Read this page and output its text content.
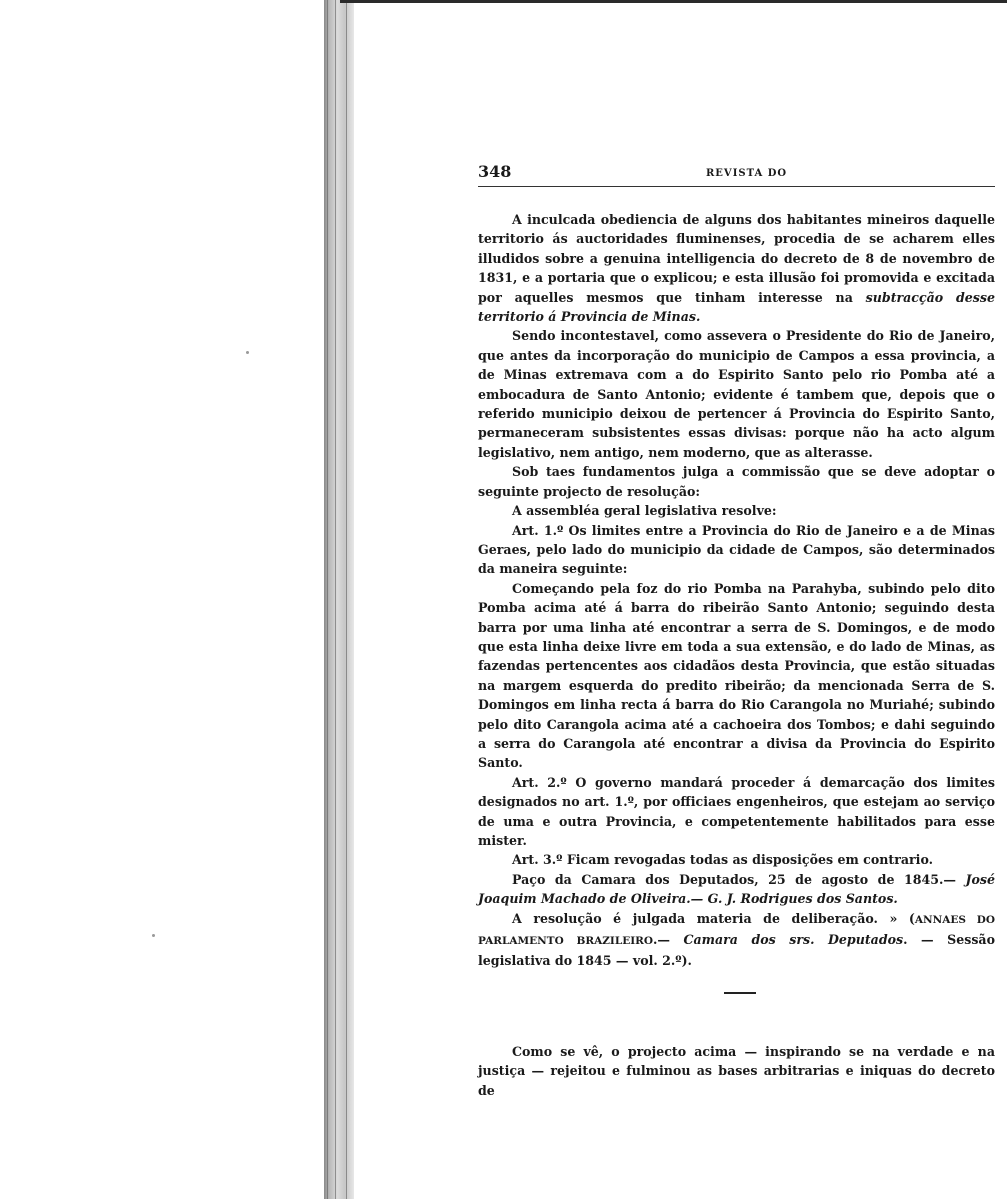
348	REVISTA DO

A inculcada obediencia de alguns dos habitantes mineiros daquelle territorio ás auctoridades fluminenses, procedia de se acharem elles illudidos sobre a genuina intelligencia do decreto de 8 de novembro de 1831, e a portaria que o explicou; e esta illusão foi promovida e excitada por aquelles mesmos que tinham interesse na subtracção desse territorio á Provincia de Minas.

Sendo incontestavel, como assevera o Presidente do Rio de Janeiro, que antes da incorporação do municipio de Campos a essa provincia, a de Minas extremava com a do Espirito Santo pelo rio Pomba até a embocadura de Santo Antonio; evidente é tambem que, depois que o referido municipio deixou de pertencer á Provincia do Espirito Santo, permaneceram subsistentes essas divisas: porque não ha acto algum legislativo, nem antigo, nem moderno, que as alterasse.

Sob taes fundamentos julga a commissão que se deve adoptar o seguinte projecto de resolução:

A assembléa geral legislativa resolve:

Art. 1.º Os limites entre a Provincia do Rio de Janeiro e a de Minas Geraes, pelo lado do municipio da cidade de Campos, são determinados da maneira seguinte:

Começando pela foz do rio Pomba na Parahyba, subindo pelo dito Pomba acima até á barra do ribeirão Santo Antonio; seguindo desta barra por uma linha até encontrar a serra de S. Domingos, e de modo que esta linha deixe livre em toda a sua extensão, e do lado de Minas, as fazendas pertencentes aos cidadãos desta Provincia, que estão situadas na margem esquerda do predito ribeirão; da mencionada Serra de S. Domingos em linha recta á barra do Rio Carangola no Muriahé; subindo pelo dito Carangola acima até a cachoeira dos Tombos; e dahi seguindo a serra do Carangola até encontrar a divisa da Provincia do Espirito Santo.

Art. 2.º O governo mandará proceder á demarcação dos limites designados no art. 1.º, por officiaes engenheiros, que estejam ao serviço de uma e outra Provincia, e competentemente habilitados para esse mister.

Art. 3.º Ficam revogadas todas as disposições em contrario.

Paço da Camara dos Deputados, 25 de agosto de 1845.— José Joaquim Machado de Oliveira.— G. J. Rodrigues dos Santos.

A resolução é julgada materia de deliberação. » (ANNAES DO PARLAMENTO BRAZILEIRO.— Camara dos srs. Deputados. — Sessão legislativa do 1845 — vol. 2.º).

Como se vê, o projecto acima — inspirando se na verdade e na justiça — rejeitou e fulminou as bases arbitrarias e iniquas do decreto de
